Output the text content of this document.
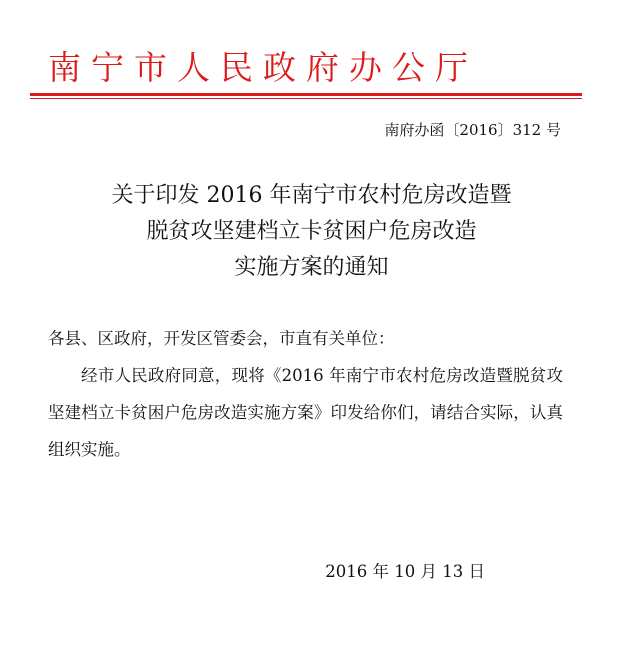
南宁市人民政府办公厅
南府办函〔2016〕312 号
关于印发 2016 年南宁市农村危房改造暨
脱贫攻坚建档立卡贫困户危房改造
实施方案的通知

各县、区政府，开发区管委会，市直有关单位：

经市人民政府同意，现将《2016 年南宁市农村危房改造暨脱贫攻坚建档立卡贫困户危房改造实施方案》印发给你们，请结合实际，认真组织实施。

2016 年 10 月 13 日
